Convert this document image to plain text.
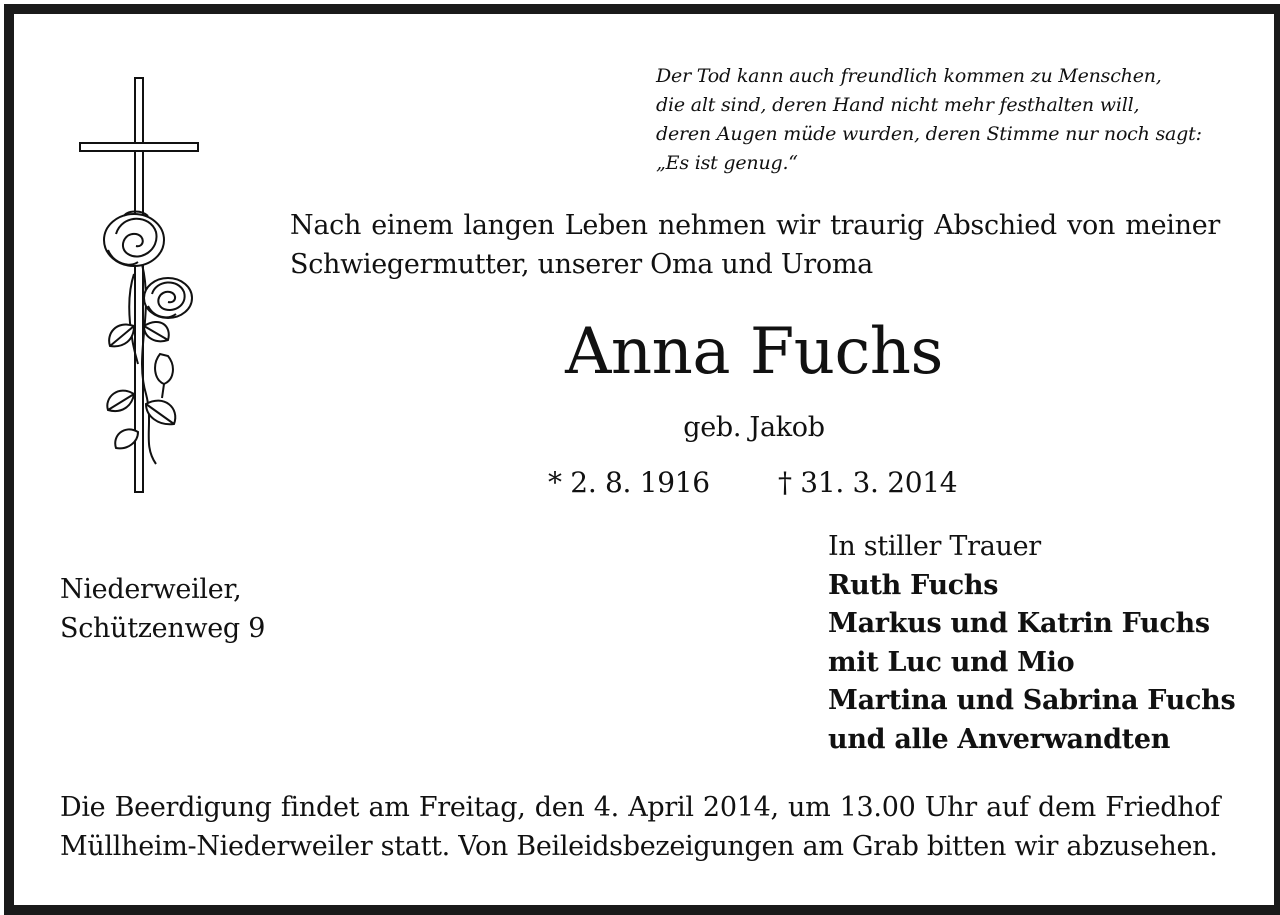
Der Tod kann auch freundlich kommen zu Menschen,
die alt sind, deren Hand nicht mehr festhalten will,
deren Augen müde wurden, deren Stimme nur noch sagt:
„Es ist genug.“
Nach einem langen Leben nehmen wir traurig Abschied von meiner
Schwiegermutter, unserer Oma und Uroma
Anna Fuchs
geb. Jakob
* 2. 8. 1916 † 31. 3. 2014
Niederweiler,
Schützenweg 9
In stiller Trauer
Ruth Fuchs
Markus und Katrin Fuchs
mit Luc und Mio
Martina und Sabrina Fuchs
und alle Anverwandten
Die Beerdigung findet am Freitag, den 4. April 2014, um 13.00 Uhr auf dem Friedhof
Müllheim-Niederweiler statt. Von Beileidsbezeigungen am Grab bitten wir abzusehen.
